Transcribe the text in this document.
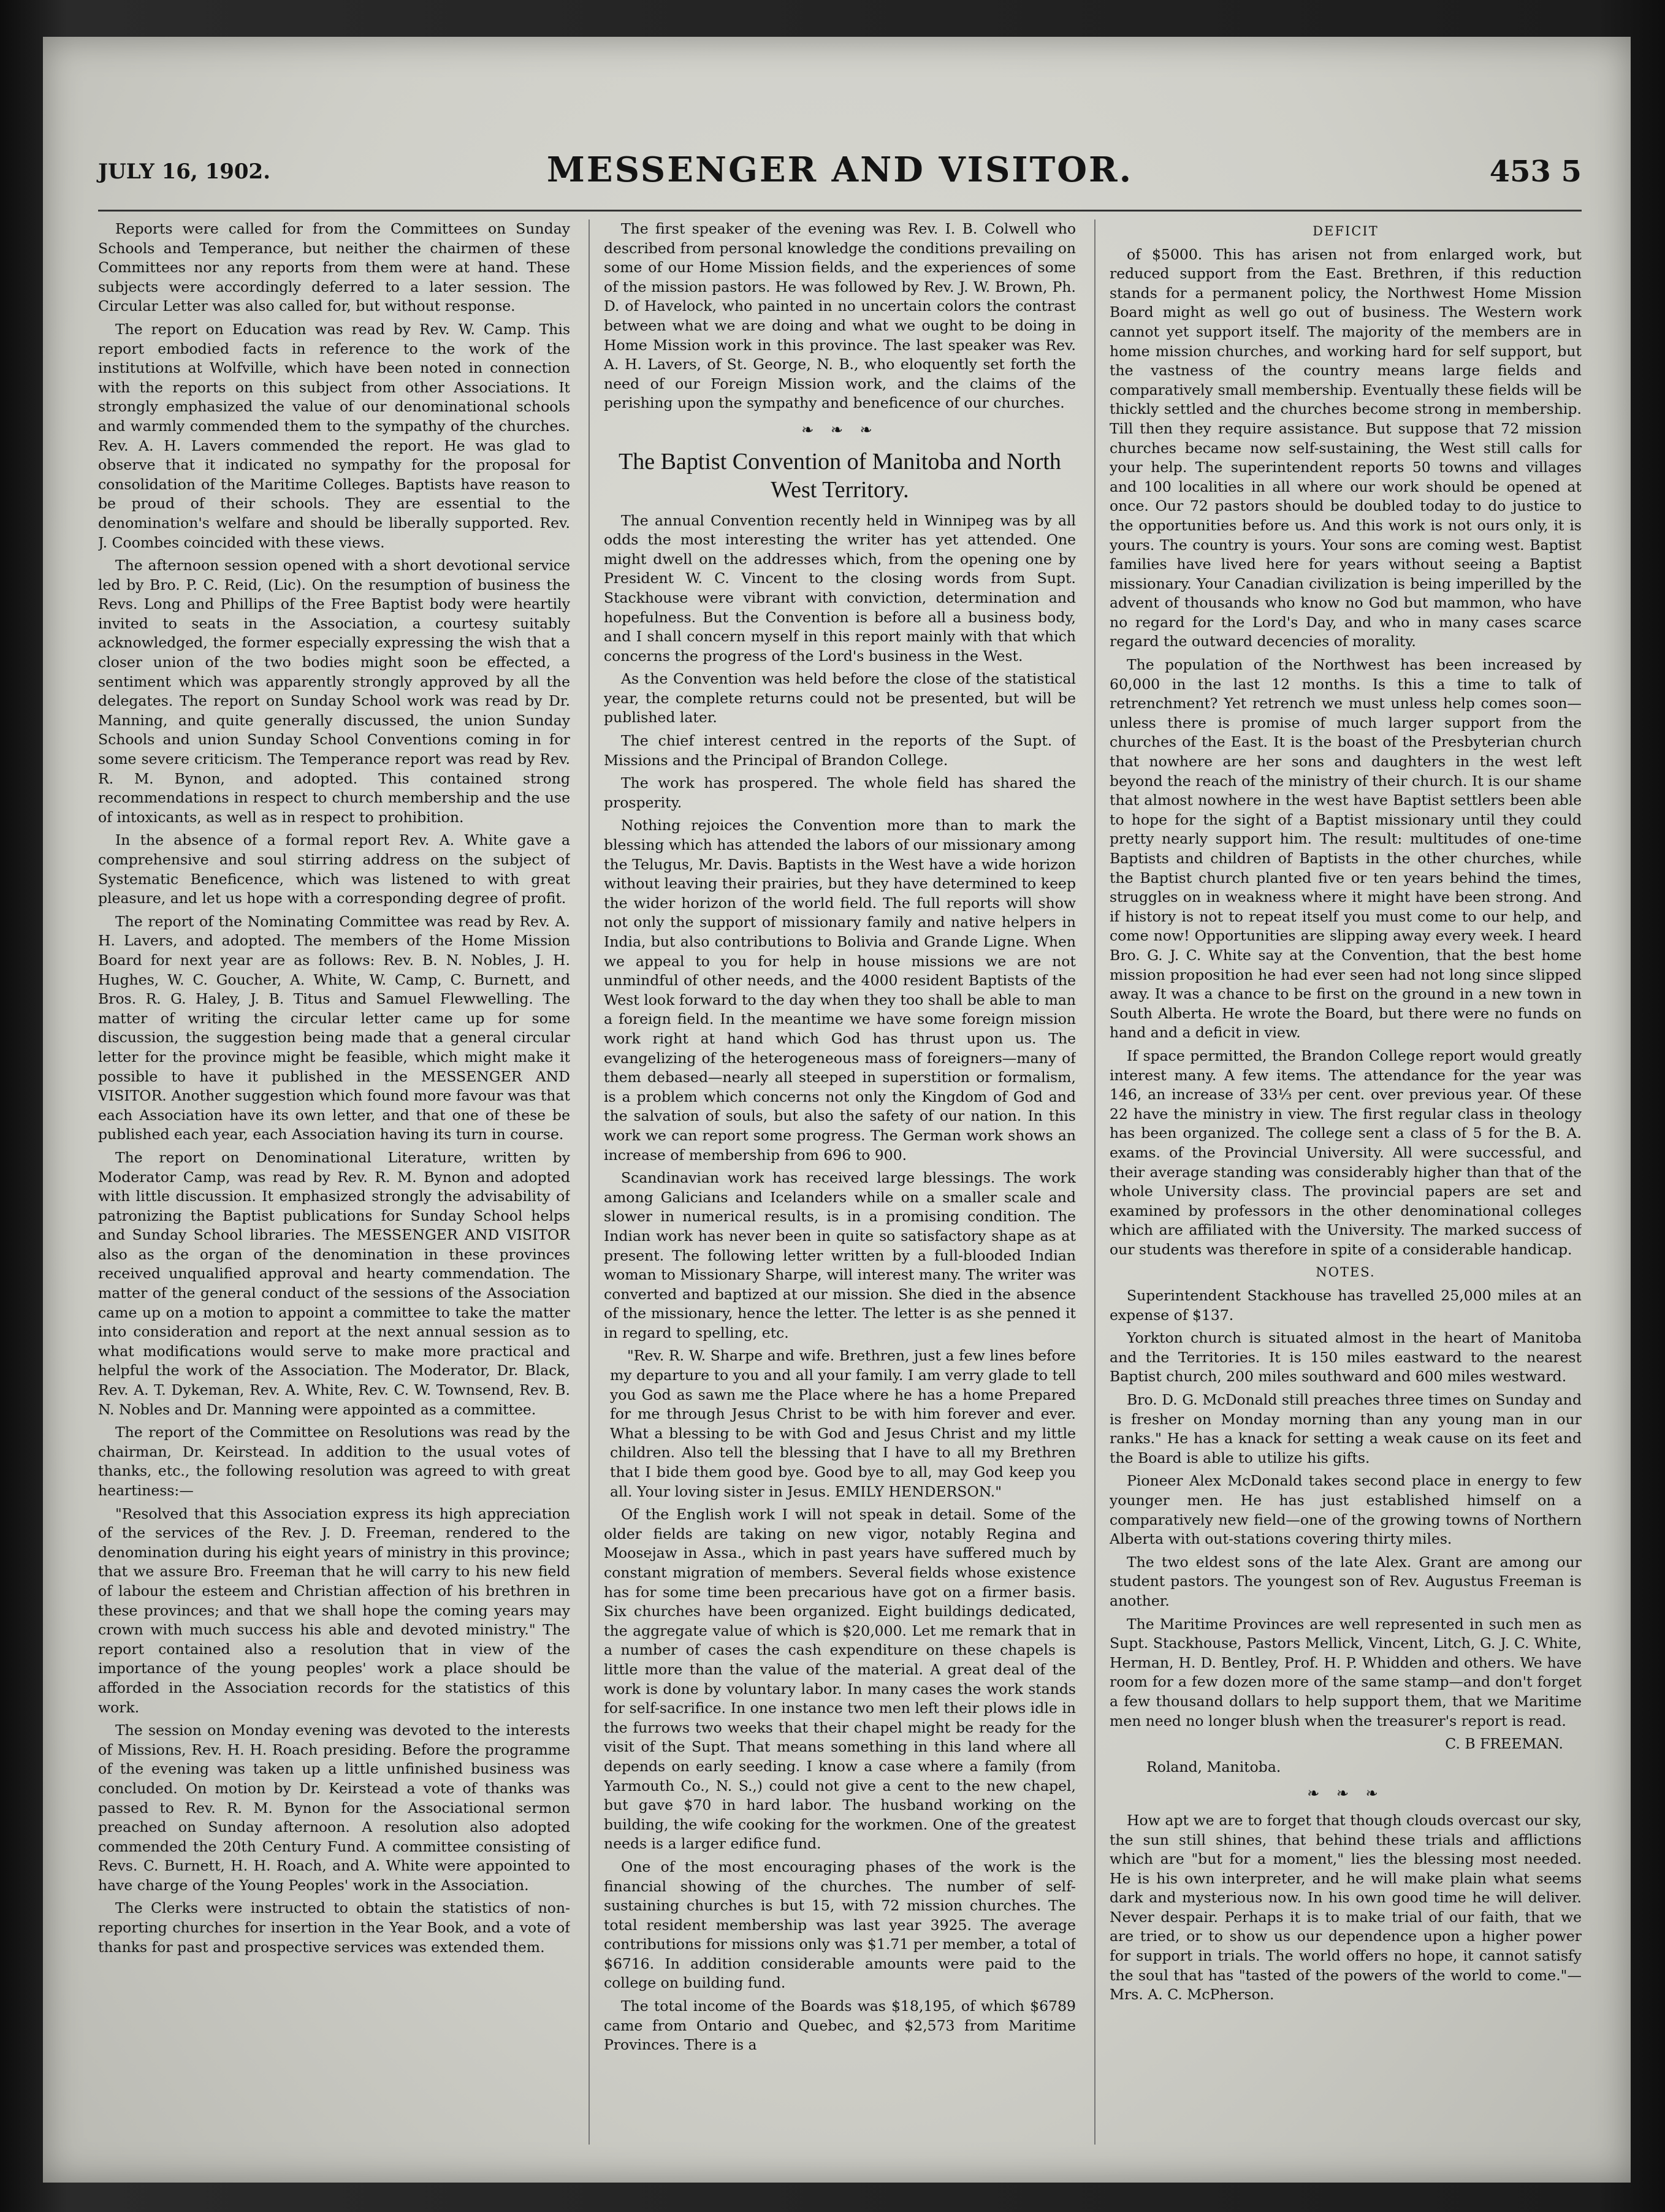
JULY 16, 1902.	MESSENGER AND VISITOR.	453 5

Reports were called for from the Committees on Sunday Schools and Temperance, but neither the chairmen of these Committees nor any reports from them were at hand. These subjects were accordingly deferred to a later session. The Circular Letter was also called for, but without response.

The report on Education was read by Rev. W. Camp. This report embodied facts in reference to the work of the institutions at Wolfville, which have been noted in connection with the reports on this subject from other Associations. It strongly emphasized the value of our denominational schools and warmly commended them to the sympathy of the churches. Rev. A. H. Lavers commended the report. He was glad to observe that it indicated no sympathy for the proposal for consolidation of the Maritime Colleges. Baptists have reason to be proud of their schools. They are essential to the denomination's welfare and should be liberally supported. Rev. J. Coombes coincided with these views.

The afternoon session opened with a short devotional service led by Bro. P. C. Reid, (Lic). On the resumption of business the Revs. Long and Phillips of the Free Baptist body were heartily invited to seats in the Association, a courtesy suitably acknowledged, the former especially expressing the wish that a closer union of the two bodies might soon be effected, a sentiment which was apparently strongly approved by all the delegates. The report on Sunday School work was read by Dr. Manning, and quite generally discussed, the union Sunday Schools and union Sunday School Conventions coming in for some severe criticism. The Temperance report was read by Rev. R. M. Bynon, and adopted. This contained strong recommendations in respect to church membership and the use of intoxicants, as well as in respect to prohibition.

In the absence of a formal report Rev. A. White gave a comprehensive and soul stirring address on the subject of Systematic Beneficence, which was listened to with great pleasure, and let us hope with a corresponding degree of profit.

The report of the Nominating Committee was read by Rev. A. H. Lavers, and adopted. The members of the Home Mission Board for next year are as follows: Rev. B. N. Nobles, J. H. Hughes, W. C. Goucher, A. White, W. Camp, C. Burnett, and Bros. R. G. Haley, J. B. Titus and Samuel Flewwelling. The matter of writing the circular letter came up for some discussion, the suggestion being made that a general circular letter for the province might be feasible, which might make it possible to have it published in the MESSENGER AND VISITOR. Another suggestion which found more favour was that each Association have its own letter, and that one of these be published each year, each Association having its turn in course.

The report on Denominational Literature, written by Moderator Camp, was read by Rev. R. M. Bynon and adopted with little discussion. It emphasized strongly the advisability of patronizing the Baptist publications for Sunday School helps and Sunday School libraries. The MESSENGER AND VISITOR also as the organ of the denomination in these provinces received unqualified approval and hearty commendation. The matter of the general conduct of the sessions of the Association came up on a motion to appoint a committee to take the matter into consideration and report at the next annual session as to what modifications would serve to make more practical and helpful the work of the Association. The Moderator, Dr. Black, Rev. A. T. Dykeman, Rev. A. White, Rev. C. W. Townsend, Rev. B. N. Nobles and Dr. Manning were appointed as a committee.

The report of the Committee on Resolutions was read by the chairman, Dr. Keirstead. In addition to the usual votes of thanks, etc., the following resolution was agreed to with great heartiness:—

"Resolved that this Association express its high appreciation of the services of the Rev. J. D. Freeman, rendered to the denomination during his eight years of ministry in this province; that we assure Bro. Freeman that he will carry to his new field of labour the esteem and Christian affection of his brethren in these provinces; and that we shall hope the coming years may crown with much success his able and devoted ministry." The report contained also a resolution that in view of the importance of the young peoples' work a place should be afforded in the Association records for the statistics of this work.

The session on Monday evening was devoted to the interests of Missions, Rev. H. H. Roach presiding. Before the programme of the evening was taken up a little unfinished business was concluded. On motion by Dr. Keirstead a vote of thanks was passed to Rev. R. M. Bynon for the Associational sermon preached on Sunday afternoon. A resolution also adopted commended the 20th Century Fund. A committee consisting of Revs. C. Burnett, H. H. Roach, and A. White were appointed to have charge of the Young Peoples' work in the Association.

The Clerks were instructed to obtain the statistics of non-reporting churches for insertion in the Year Book, and a vote of thanks for past and prospective services was extended them.

The first speaker of the evening was Rev. I. B. Colwell who described from personal knowledge the conditions prevailing on some of our Home Mission fields, and the experiences of some of the mission pastors. He was followed by Rev. J. W. Brown, Ph. D. of Havelock, who painted in no uncertain colors the contrast between what we are doing and what we ought to be doing in Home Mission work in this province. The last speaker was Rev. A. H. Lavers, of St. George, N. B., who eloquently set forth the need of our Foreign Mission work, and the claims of the perishing upon the sympathy and beneficence of our churches.

❧ ❧ ❧
The Baptist Convention of Manitoba and North West Territory.

The annual Convention recently held in Winnipeg was by all odds the most interesting the writer has yet attended. One might dwell on the addresses which, from the opening one by President W. C. Vincent to the closing words from Supt. Stackhouse were vibrant with conviction, determination and hopefulness. But the Convention is before all a business body, and I shall concern myself in this report mainly with that which concerns the progress of the Lord's business in the West.

As the Convention was held before the close of the statistical year, the complete returns could not be presented, but will be published later.

The chief interest centred in the reports of the Supt. of Missions and the Principal of Brandon College.

The work has prospered. The whole field has shared the prosperity.

Nothing rejoices the Convention more than to mark the blessing which has attended the labors of our missionary among the Telugus, Mr. Davis. Baptists in the West have a wide horizon without leaving their prairies, but they have determined to keep the wider horizon of the world field. The full reports will show not only the support of missionary family and native helpers in India, but also contributions to Bolivia and Grande Ligne. When we appeal to you for help in house missions we are not unmindful of other needs, and the 4000 resident Baptists of the West look forward to the day when they too shall be able to man a foreign field. In the meantime we have some foreign mission work right at hand which God has thrust upon us. The evangelizing of the heterogeneous mass of foreigners—many of them debased—nearly all steeped in superstition or formalism, is a problem which concerns not only the Kingdom of God and the salvation of souls, but also the safety of our nation. In this work we can report some progress. The German work shows an increase of membership from 696 to 900.

Scandinavian work has received large blessings. The work among Galicians and Icelanders while on a smaller scale and slower in numerical results, is in a promising condition. The Indian work has never been in quite so satisfactory shape as at present. The following letter written by a full-blooded Indian woman to Missionary Sharpe, will interest many. The writer was converted and baptized at our mission. She died in the absence of the missionary, hence the letter. The letter is as she penned it in regard to spelling, etc.

"Rev. R. W. Sharpe and wife. Brethren, just a few lines before my departure to you and all your family. I am verry glade to tell you God as sawn me the Place where he has a home Prepared for me through Jesus Christ to be with him forever and ever. What a blessing to be with God and Jesus Christ and my little children. Also tell the blessing that I have to all my Brethren that I bide them good bye. Good bye to all, may God keep you all. Your loving sister in Jesus. EMILY HENDERSON."

Of the English work I will not speak in detail. Some of the older fields are taking on new vigor, notably Regina and Moosejaw in Assa., which in past years have suffered much by constant migration of members. Several fields whose existence has for some time been precarious have got on a firmer basis. Six churches have been organized. Eight buildings dedicated, the aggregate value of which is $20,000. Let me remark that in a number of cases the cash expenditure on these chapels is little more than the value of the material. A great deal of the work is done by voluntary labor. In many cases the work stands for self-sacrifice. In one instance two men left their plows idle in the furrows two weeks that their chapel might be ready for the visit of the Supt. That means something in this land where all depends on early seeding. I know a case where a family (from Yarmouth Co., N. S.,) could not give a cent to the new chapel, but gave $70 in hard labor. The husband working on the building, the wife cooking for the workmen. One of the greatest needs is a larger edifice fund.

One of the most encouraging phases of the work is the financial showing of the churches. The number of self-sustaining churches is but 15, with 72 mission churches. The total resident membership was last year 3925. The average contributions for missions only was $1.71 per member, a total of $6716. In addition considerable amounts were paid to the college on building fund.

The total income of the Boards was $18,195, of which $6789 came from Ontario and Quebec, and $2,573 from Maritime Provinces. There is a

DEFICIT

of $5000. This has arisen not from enlarged work, but reduced support from the East. Brethren, if this reduction stands for a permanent policy, the Northwest Home Mission Board might as well go out of business. The Western work cannot yet support itself. The majority of the members are in home mission churches, and working hard for self support, but the vastness of the country means large fields and comparatively small membership. Eventually these fields will be thickly settled and the churches become strong in membership. Till then they require assistance. But suppose that 72 mission churches became now self-sustaining, the West still calls for your help. The superintendent reports 50 towns and villages and 100 localities in all where our work should be opened at once. Our 72 pastors should be doubled today to do justice to the opportunities before us. And this work is not ours only, it is yours. The country is yours. Your sons are coming west. Baptist families have lived here for years without seeing a Baptist missionary. Your Canadian civilization is being imperilled by the advent of thousands who know no God but mammon, who have no regard for the Lord's Day, and who in many cases scarce regard the outward decencies of morality.

The population of the Northwest has been increased by 60,000 in the last 12 months. Is this a time to talk of retrenchment? Yet retrench we must unless help comes soon—unless there is promise of much larger support from the churches of the East. It is the boast of the Presbyterian church that nowhere are her sons and daughters in the west left beyond the reach of the ministry of their church. It is our shame that almost nowhere in the west have Baptist settlers been able to hope for the sight of a Baptist missionary until they could pretty nearly support him. The result: multitudes of one-time Baptists and children of Baptists in the other churches, while the Baptist church planted five or ten years behind the times, struggles on in weakness where it might have been strong. And if history is not to repeat itself you must come to our help, and come now! Opportunities are slipping away every week. I heard Bro. G. J. C. White say at the Convention, that the best home mission proposition he had ever seen had not long since slipped away. It was a chance to be first on the ground in a new town in South Alberta. He wrote the Board, but there were no funds on hand and a deficit in view.

If space permitted, the Brandon College report would greatly interest many. A few items. The attendance for the year was 146, an increase of 33⅓ per cent. over previous year. Of these 22 have the ministry in view. The first regular class in theology has been organized. The college sent a class of 5 for the B. A. exams. of the Provincial University. All were successful, and their average standing was considerably higher than that of the whole University class. The provincial papers are set and examined by professors in the other denominational colleges which are affiliated with the University. The marked success of our students was therefore in spite of a considerable handicap.

NOTES.

Superintendent Stackhouse has travelled 25,000 miles at an expense of $137.

Yorkton church is situated almost in the heart of Manitoba and the Territories. It is 150 miles eastward to the nearest Baptist church, 200 miles southward and 600 miles westward.

Bro. D. G. McDonald still preaches three times on Sunday and is fresher on Monday morning than any young man in our ranks." He has a knack for setting a weak cause on its feet and the Board is able to utilize his gifts.

Pioneer Alex McDonald takes second place in energy to few younger men. He has just established himself on a comparatively new field—one of the growing towns of Northern Alberta with out-stations covering thirty miles.

The two eldest sons of the late Alex. Grant are among our student pastors. The youngest son of Rev. Augustus Freeman is another.

The Maritime Provinces are well represented in such men as Supt. Stackhouse, Pastors Mellick, Vincent, Litch, G. J. C. White, Herman, H. D. Bentley, Prof. H. P. Whidden and others. We have room for a few dozen more of the same stamp—and don't forget a few thousand dollars to help support them, that we Maritime men need no longer blush when the treasurer's report is read.

C. B FREEMAN.

Roland, Manitoba.

❧ ❧ ❧

How apt we are to forget that though clouds overcast our sky, the sun still shines, that behind these trials and afflictions which are "but for a moment," lies the blessing most needed. He is his own interpreter, and he will make plain what seems dark and mysterious now. In his own good time he will deliver. Never despair. Perhaps it is to make trial of our faith, that we are tried, or to show us our dependence upon a higher power for support in trials. The world offers no hope, it cannot satisfy the soul that has "tasted of the powers of the world to come."—Mrs. A. C. McPherson.
